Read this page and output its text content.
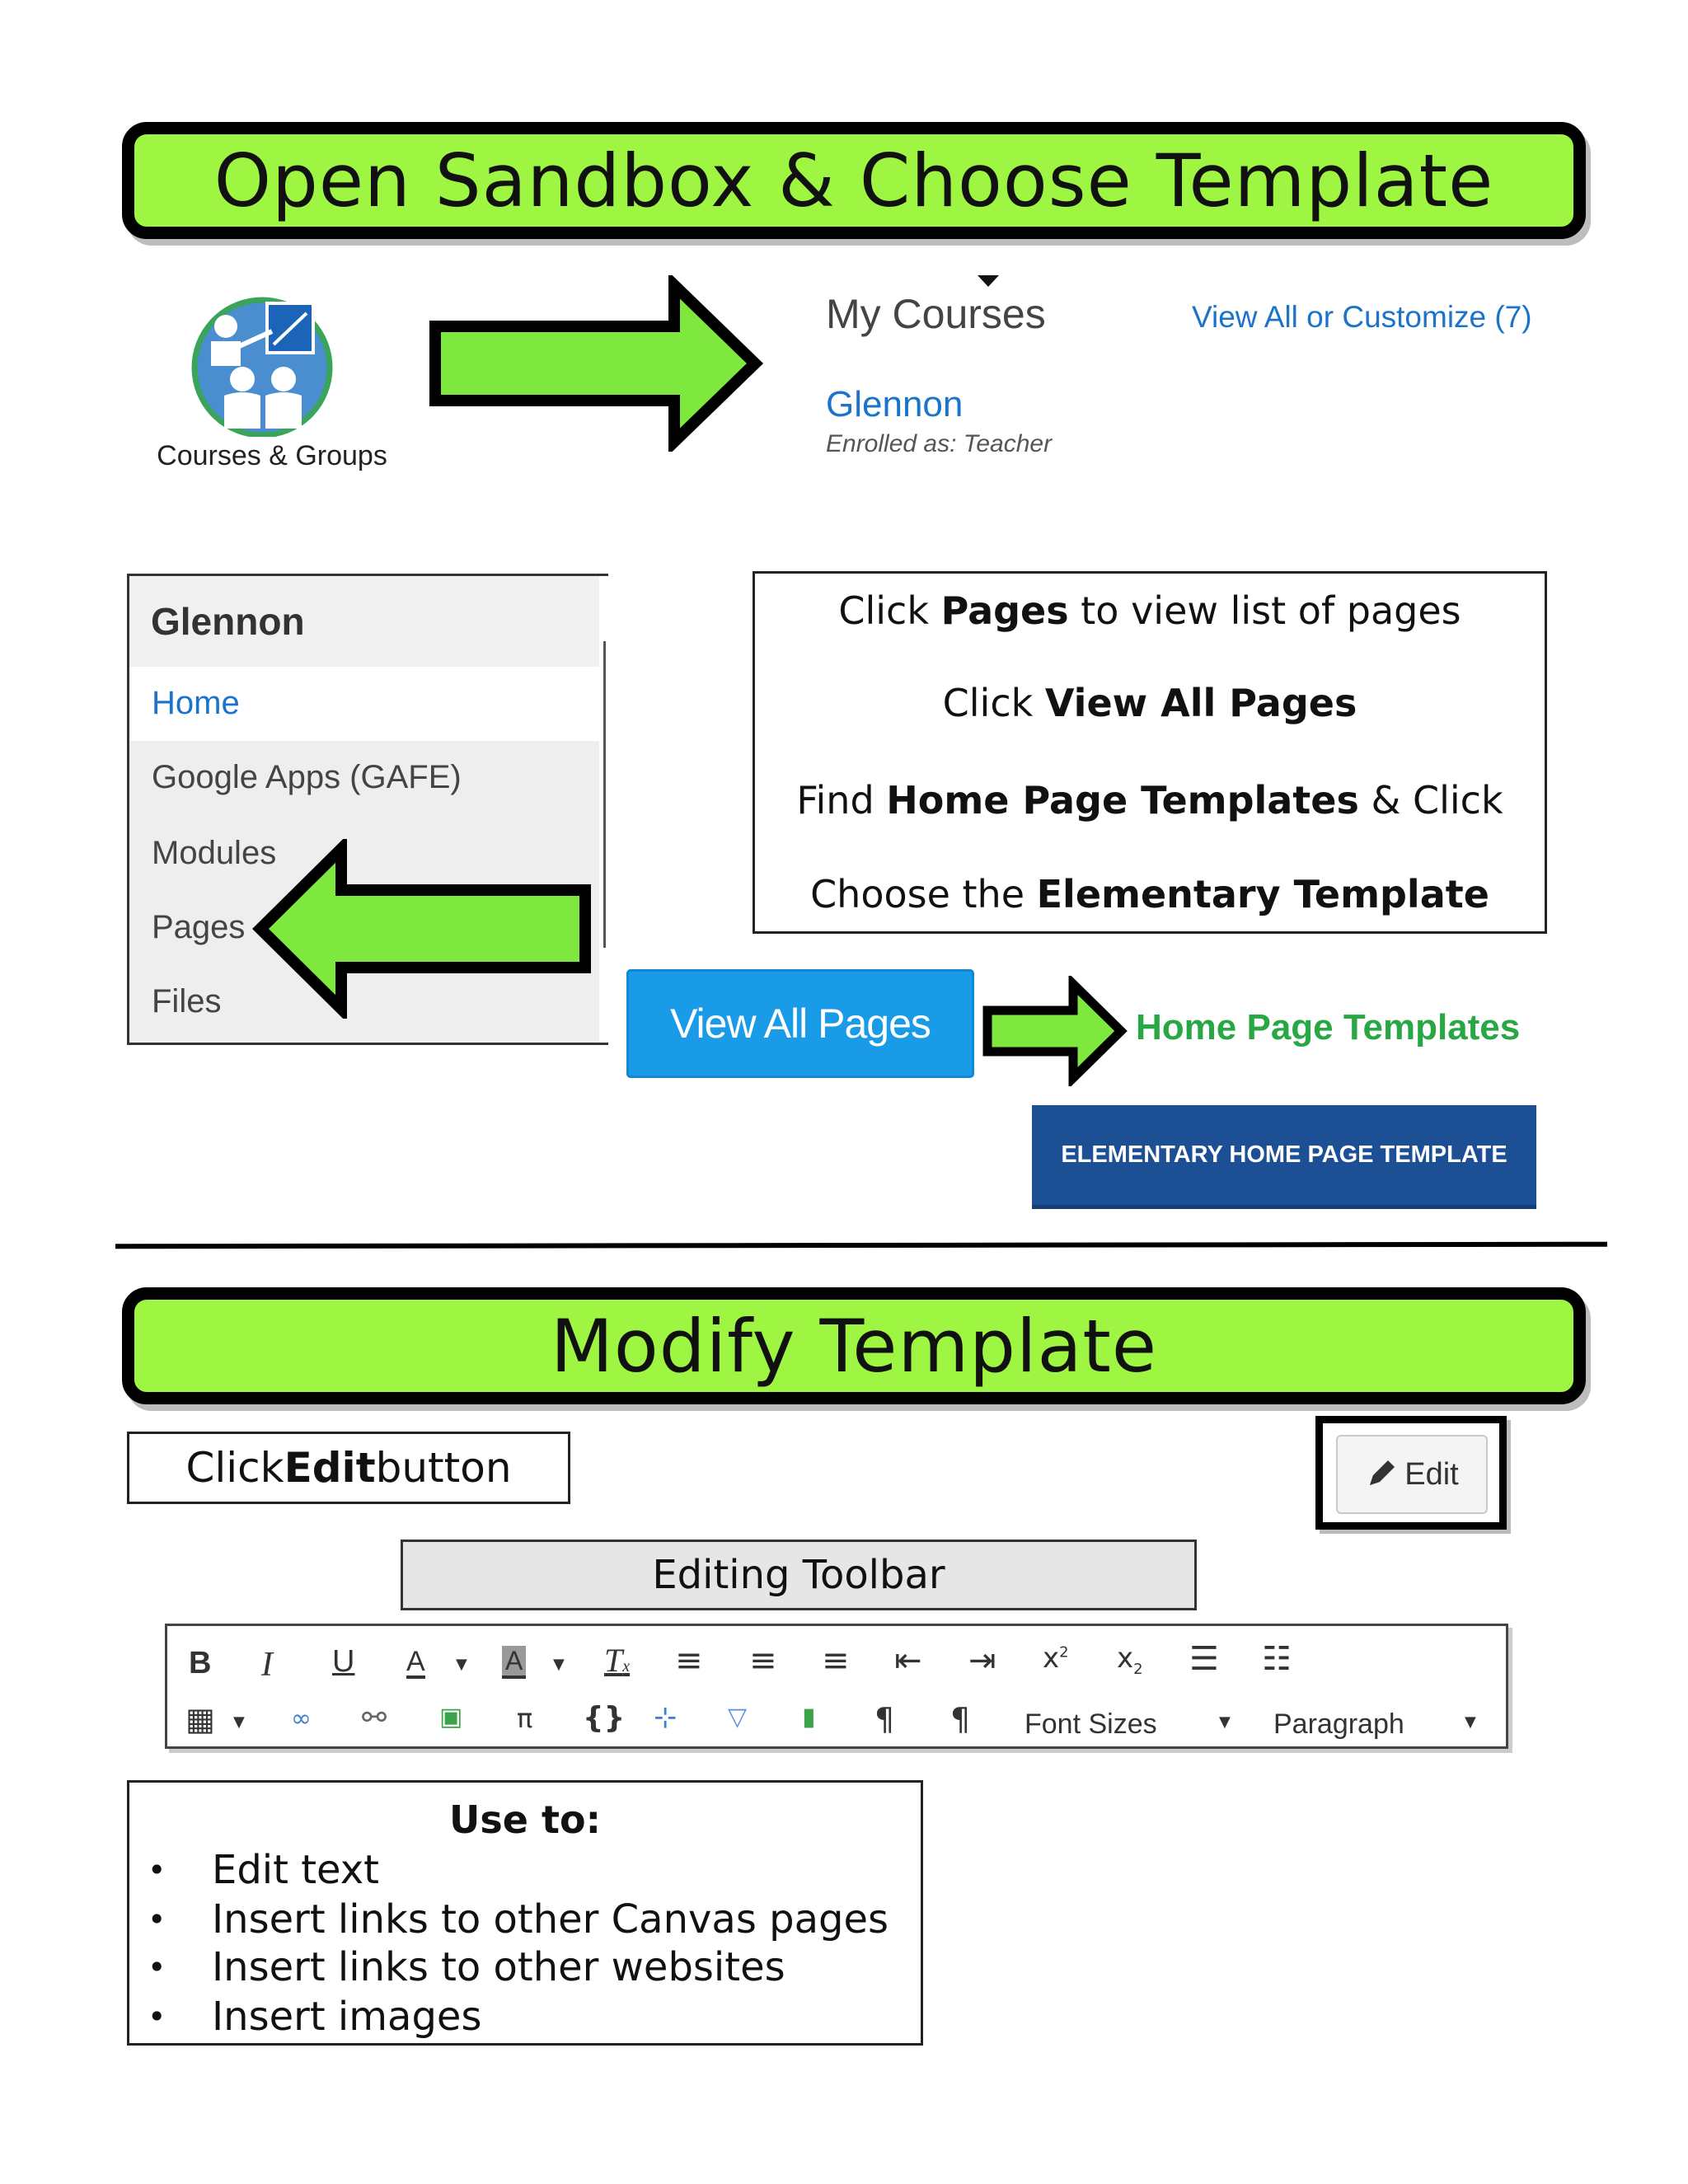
Open Sandbox & Choose Template
Courses & Groups
My Courses	View All or Customize (7)
Glennon
Enrolled as: Teacher
Glennon
Home
Google Apps (GAFE)
Modules
Pages
Files
Click Pages to view list of pages
Click View All Pages
Find Home Page Templates & Click
Choose the Elementary Template
View All Pages	Home Page Templates
ELEMENTARY HOME PAGE TEMPLATE
Modify Template
Click Edit button	Edit
Editing Toolbar
B I U A ▼ A ▼ Tx ≡ ≡ ≡ ⇤ ⇥ $x^2$ $x_2$ ☰ ☷
▦ ▼ ∞ ⚯ ▣ π {} ⊹ ▽ ▮ ¶ ¶ Font Sizes	▼ Paragraph	▼
Use to:
• Edit text
• Insert links to other Canvas pages
• Insert links to other websites
• Insert images
